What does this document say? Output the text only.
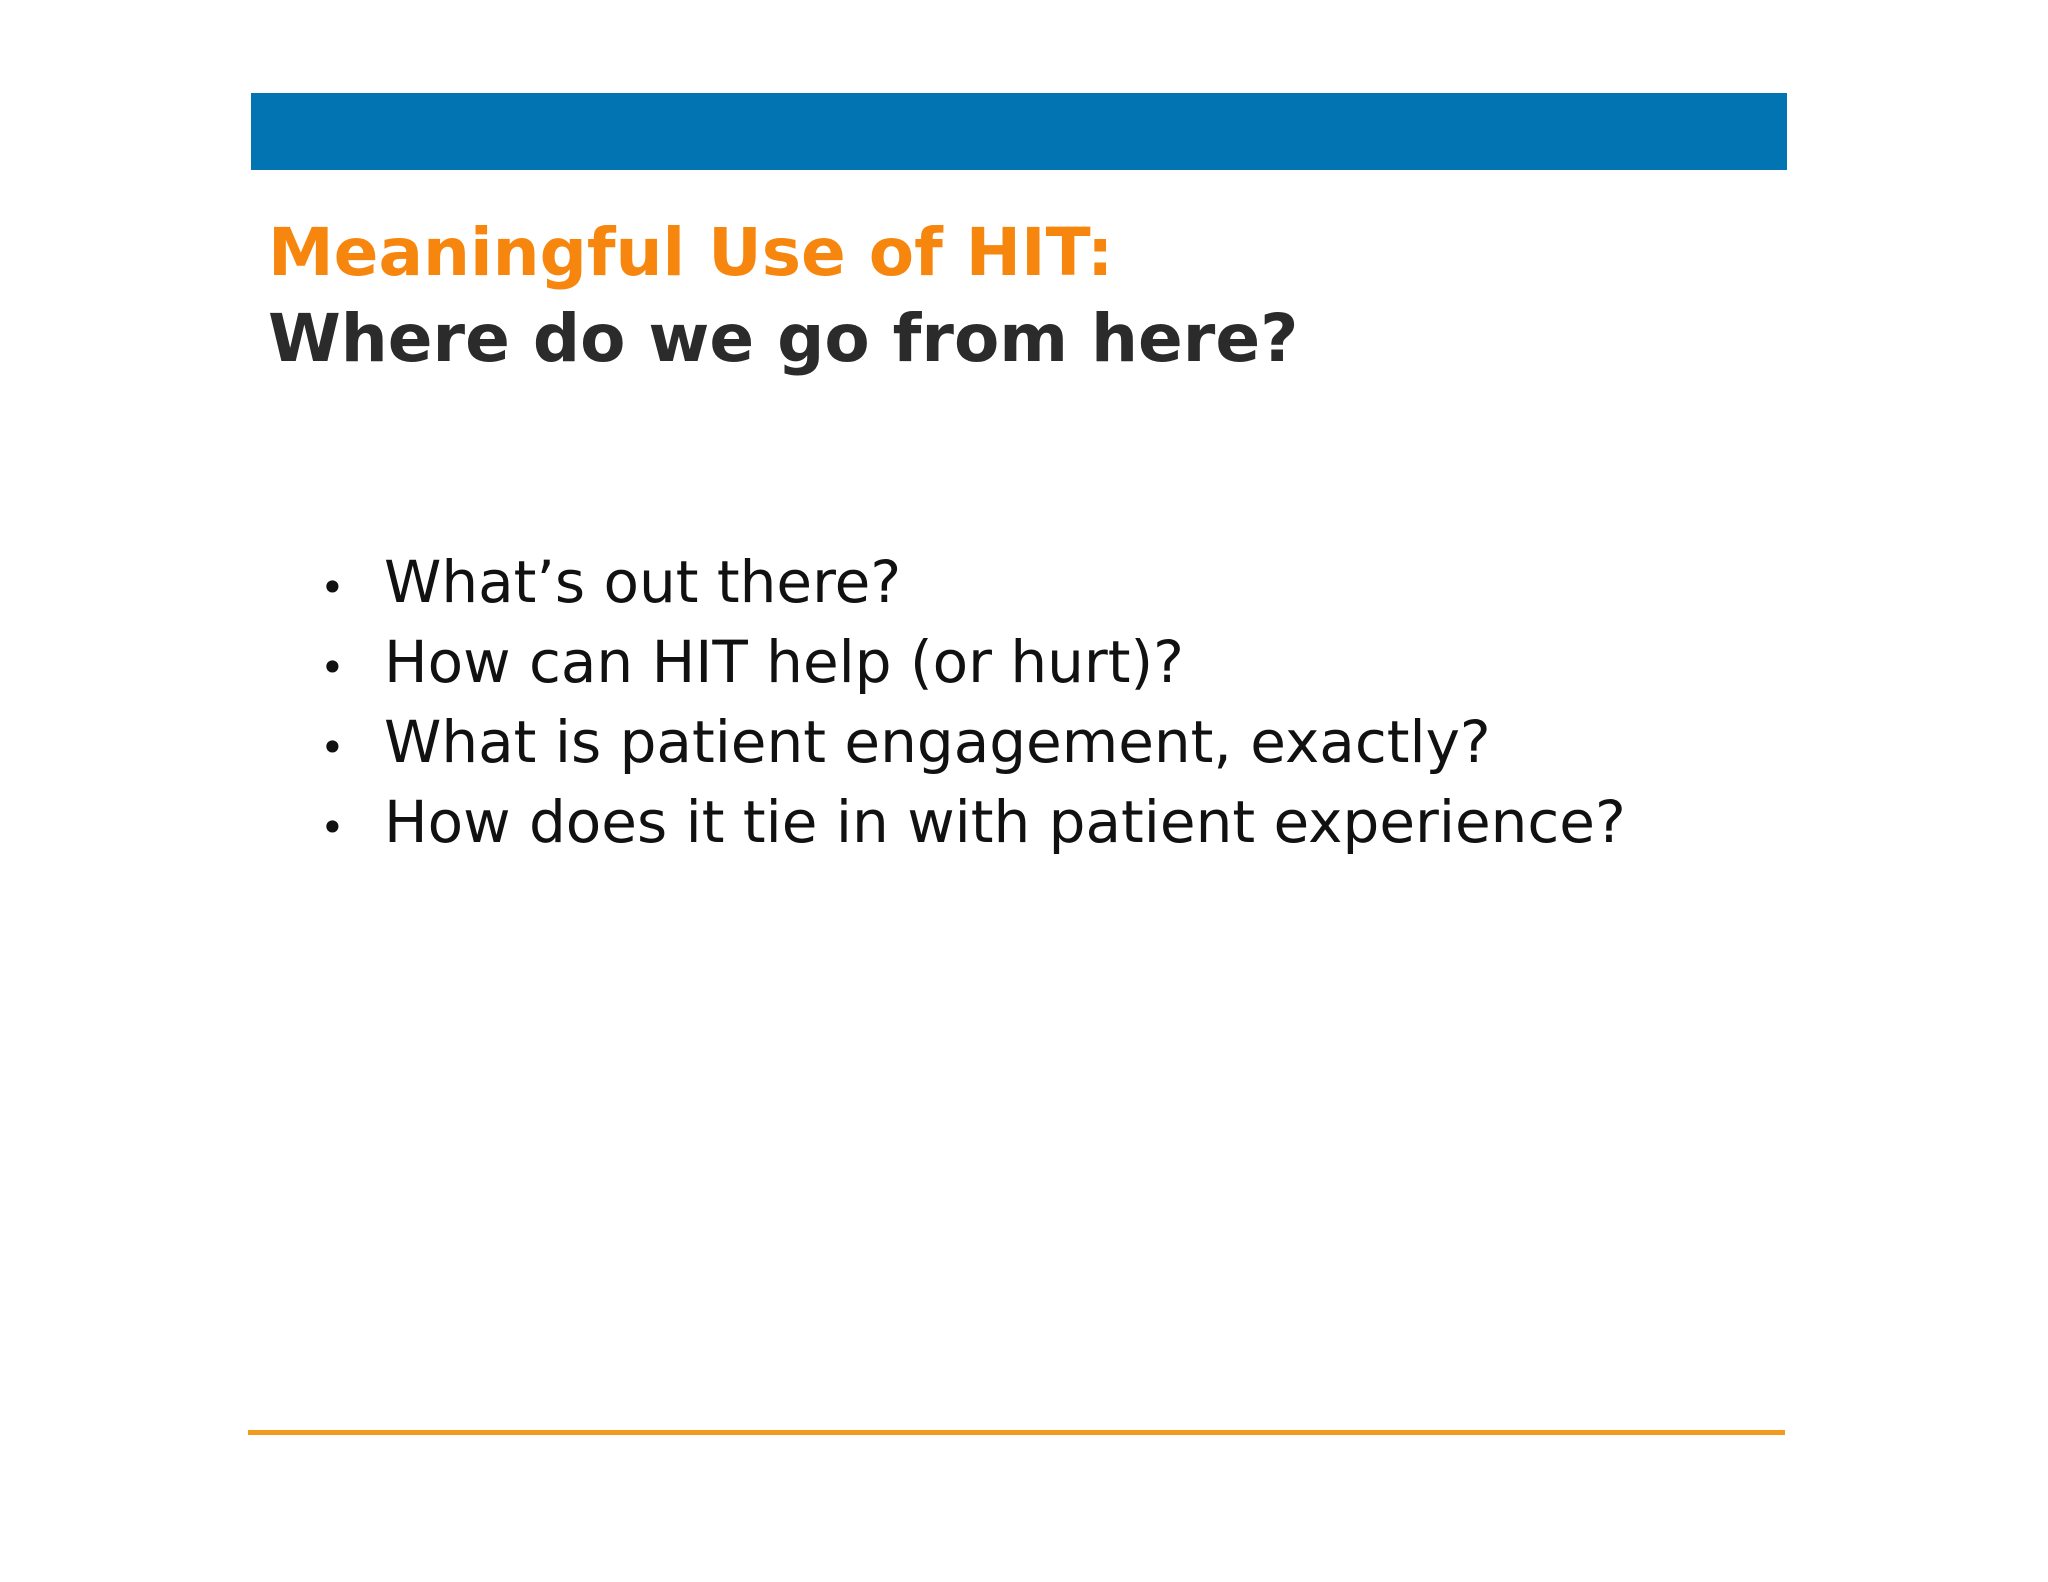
Meaningful Use of HIT:
Where do we go from here?
• What’s out there?
• How can HIT help (or hurt)?
• What is patient engagement, exactly?
• How does it tie in with patient experience?
